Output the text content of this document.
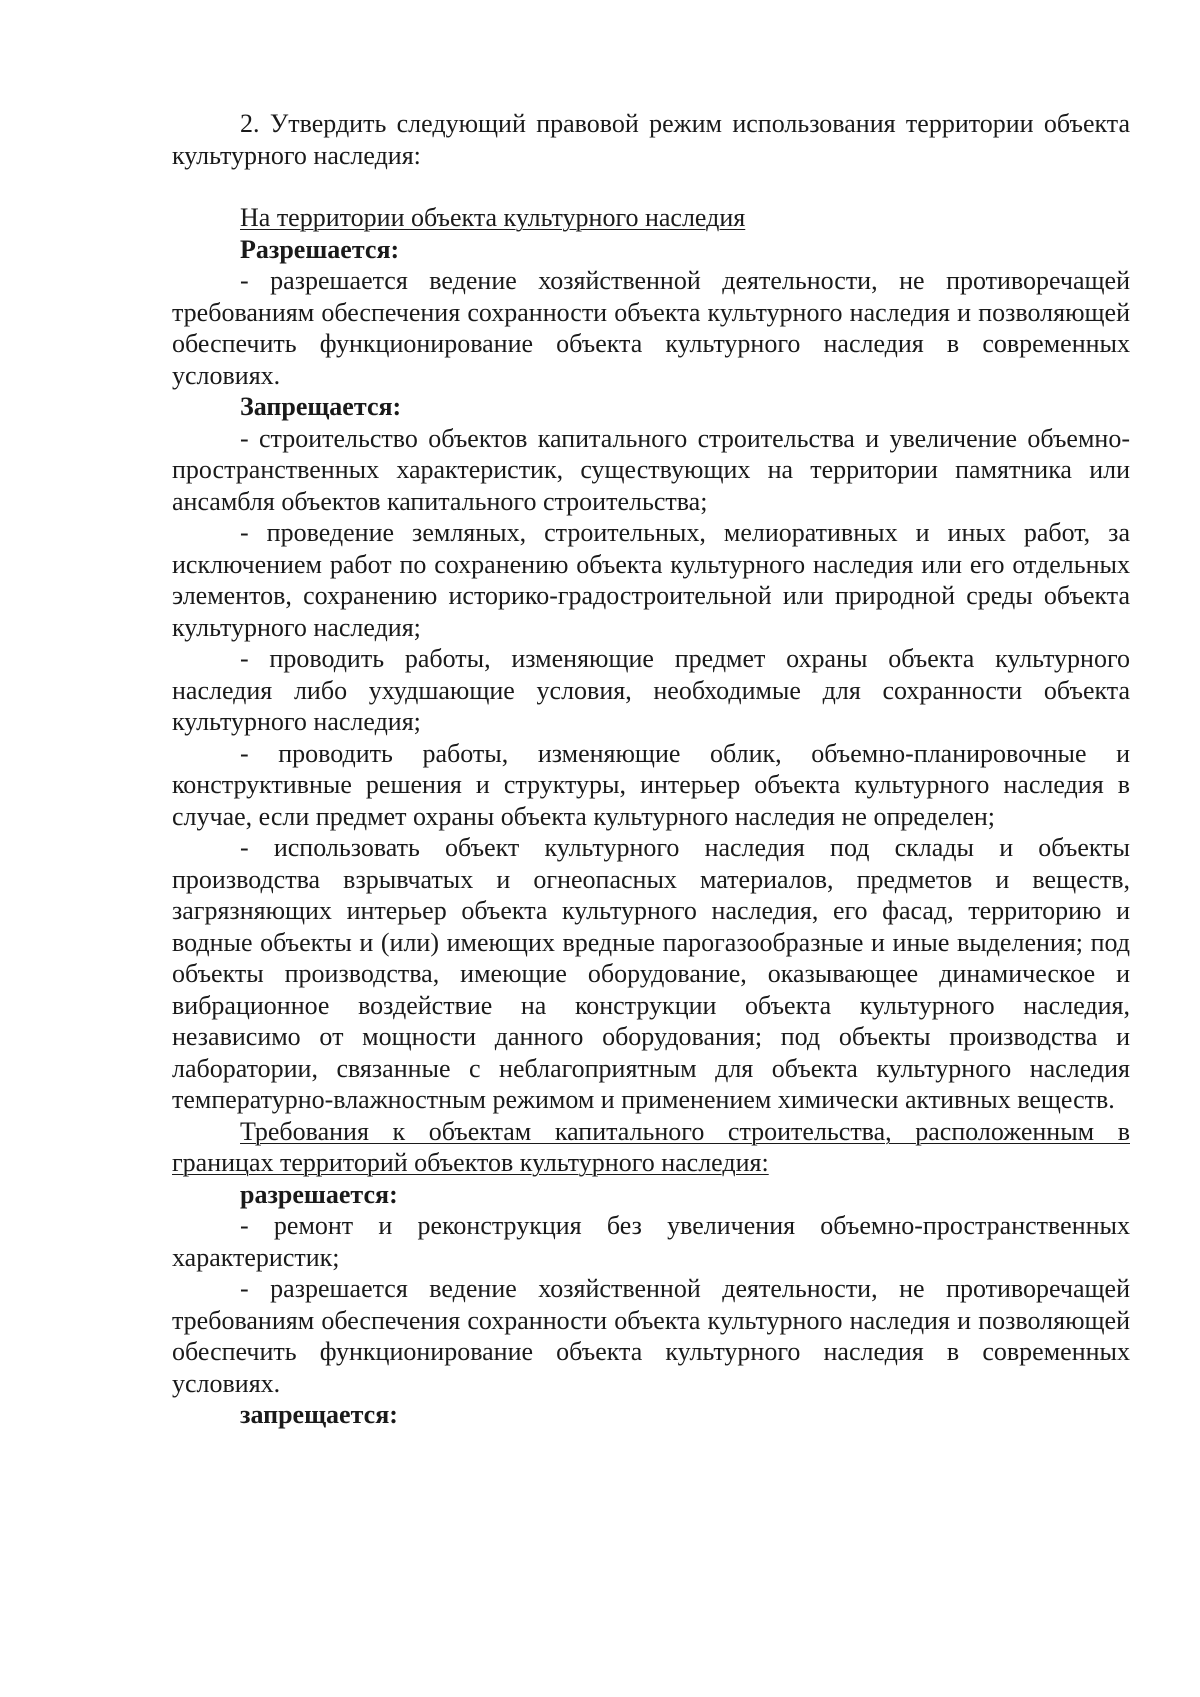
2. Утвердить следующий правовой режим использования территории объекта культурного наследия:

На территории объекта культурного наследия

Разрешается:

- разрешается ведение хозяйственной деятельности, не противоречащей требованиям обеспечения сохранности объекта культурного наследия и позволяющей обеспечить функционирование объекта культурного наследия в современных условиях.

Запрещается:

- строительство объектов капитального строительства и увеличение объемно-пространственных характеристик, существующих на территории памятника или ансамбля объектов капитального строительства;

- проведение земляных, строительных, мелиоративных и иных работ, за исключением работ по сохранению объекта культурного наследия или его отдельных элементов, сохранению историко-градостроительной или природной среды объекта культурного наследия;

- проводить работы, изменяющие предмет охраны объекта культурного наследия либо ухудшающие условия, необходимые для сохранности объекта культурного наследия;

- проводить работы, изменяющие облик, объемно-планировочные и конструктивные решения и структуры, интерьер объекта культурного наследия в случае, если предмет охраны объекта культурного наследия не определен;

- использовать объект культурного наследия под склады и объекты производства взрывчатых и огнеопасных материалов, предметов и веществ, загрязняющих интерьер объекта культурного наследия, его фасад, территорию и водные объекты и (или) имеющих вредные парогазообразные и иные выделения; под объекты производства, имеющие оборудование, оказывающее динамическое и вибрационное воздействие на конструкции объекта культурного наследия, независимо от мощности данного оборудования; под объекты производства и лаборатории, связанные с неблагоприятным для объекта культурного наследия температурно-влажностным режимом и применением химически активных веществ.

Требования к объектам капитального строительства, расположенным в границах территорий объектов культурного наследия:

разрешается:

- ремонт и реконструкция без увеличения объемно-пространственных характеристик;

- разрешается ведение хозяйственной деятельности, не противоречащей требованиям обеспечения сохранности объекта культурного наследия и позволяющей обеспечить функционирование объекта культурного наследия в современных условиях.

запрещается:
